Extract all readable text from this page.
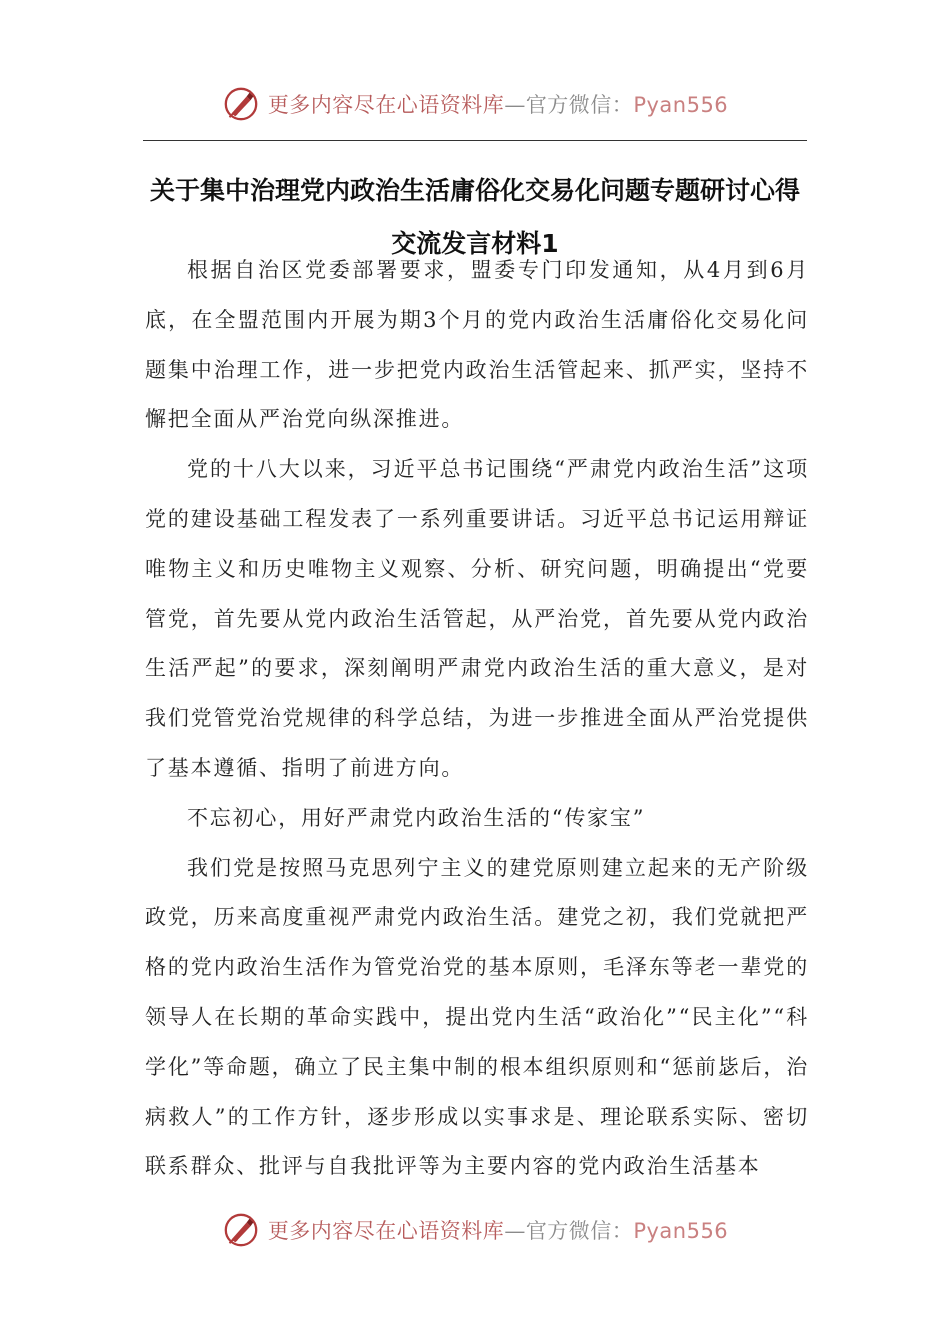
更多内容尽在心语资料库—官方微信：Pyan556
关于集中治理党内政治生活庸俗化交易化问题专题研讨心得交流发言材料1

根据自治区党委部署要求，盟委专门印发通知，从4月到6月底，在全盟范围内开展为期3个月的党内政治生活庸俗化交易化问题集中治理工作，进一步把党内政治生活管起来、抓严实，坚持不懈把全面从严治党向纵深推进。

党的十八大以来，习近平总书记围绕“严肃党内政治生活”这项党的建设基础工程发表了一系列重要讲话。习近平总书记运用辩证唯物主义和历史唯物主义观察、分析、研究问题，明确提出“党要管党，首先要从党内政治生活管起，从严治党，首先要从党内政治生活严起”的要求，深刻阐明严肃党内政治生活的重大意义，是对我们党管党治党规律的科学总结，为进一步推进全面从严治党提供了基本遵循、指明了前进方向。

不忘初心，用好严肃党内政治生活的“传家宝”

我们党是按照马克思列宁主义的建党原则建立起来的无产阶级政党，历来高度重视严肃党内政治生活。建党之初，我们党就把严格的党内政治生活作为管党治党的基本原则，毛泽东等老一辈党的领导人在长期的革命实践中，提出党内生活“政治化”“民主化”“科学化”等命题，确立了民主集中制的根本组织原则和“惩前毖后，治病救人”的工作方针，逐步形成以实事求是、理论联系实际、密切联系群众、批评与自我批评等为主要内容的党内政治生活基本

更多内容尽在心语资料库—官方微信：Pyan556
